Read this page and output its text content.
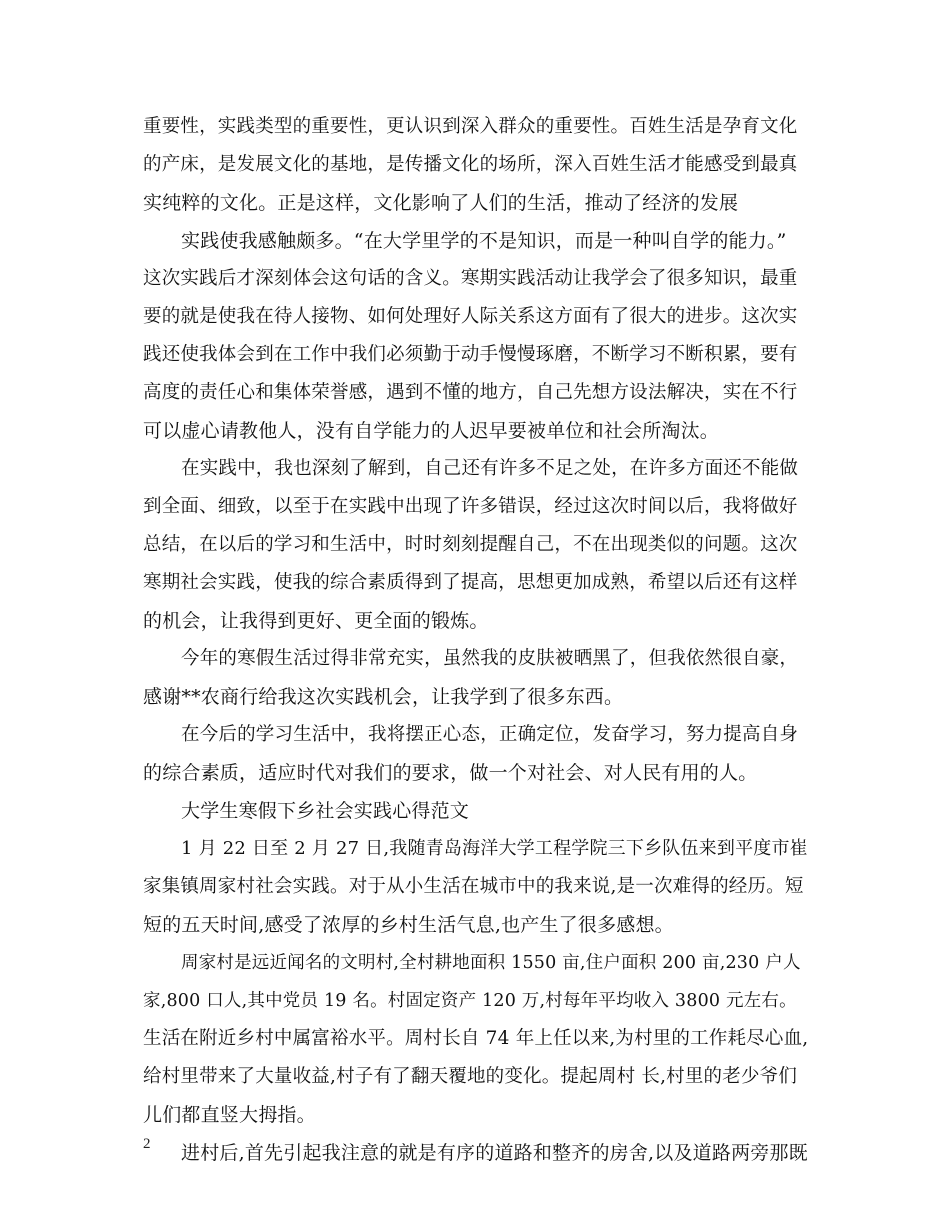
重要性，实践类型的重要性，更认识到深入群众的重要性。百姓生活是孕育文化
的产床，是发展文化的基地，是传播文化的场所，深入百姓生活才能感受到最真
实纯粹的文化。正是这样，文化影响了人们的生活，推动了经济的发展
实践使我感触颇多。“在大学里学的不是知识，而是一种叫自学的能力。”
这次实践后才深刻体会这句话的含义。寒期实践活动让我学会了很多知识，最重
要的就是使我在待人接物、如何处理好人际关系这方面有了很大的进步。这次实
践还使我体会到在工作中我们必须勤于动手慢慢琢磨，不断学习不断积累，要有
高度的责任心和集体荣誉感，遇到不懂的地方，自己先想方设法解决，实在不行
可以虚心请教他人，没有自学能力的人迟早要被单位和社会所淘汰。
在实践中，我也深刻了解到，自己还有许多不足之处，在许多方面还不能做
到全面、细致，以至于在实践中出现了许多错误，经过这次时间以后，我将做好
总结，在以后的学习和生活中，时时刻刻提醒自己，不在出现类似的问题。这次
寒期社会实践，使我的综合素质得到了提高，思想更加成熟，希望以后还有这样
的机会，让我得到更好、更全面的锻炼。
今年的寒假生活过得非常充实，虽然我的皮肤被晒黑了，但我依然很自豪，
感谢**农商行给我这次实践机会，让我学到了很多东西。
在今后的学习生活中，我将摆正心态，正确定位，发奋学习，努力提高自身
的综合素质，适应时代对我们的要求，做一个对社会、对人民有用的人。
大学生寒假下乡社会实践心得范文
1 月 22 日至 2 月 27 日,我随青岛海洋大学工程学院三下乡队伍来到平度市崔
家集镇周家村社会实践。对于从小生活在城市中的我来说,是一次难得的经历。短
短的五天时间,感受了浓厚的乡村生活气息,也产生了很多感想。
周家村是远近闻名的文明村,全村耕地面积 1550 亩,住户面积 200 亩,230 户人
家,800 口人,其中党员 19 名。村固定资产 120 万,村每年平均收入 3800 元左右。
生活在附近乡村中属富裕水平。周村长自 74 年上任以来,为村里的工作耗尽心血,
给村里带来了大量收益,村子有了翻天覆地的变化。提起周村 长,村里的老少爷们
儿们都直竖大拇指。
进村后,首先引起我注意的就是有序的道路和整齐的房舍,以及道路两旁那既
2
